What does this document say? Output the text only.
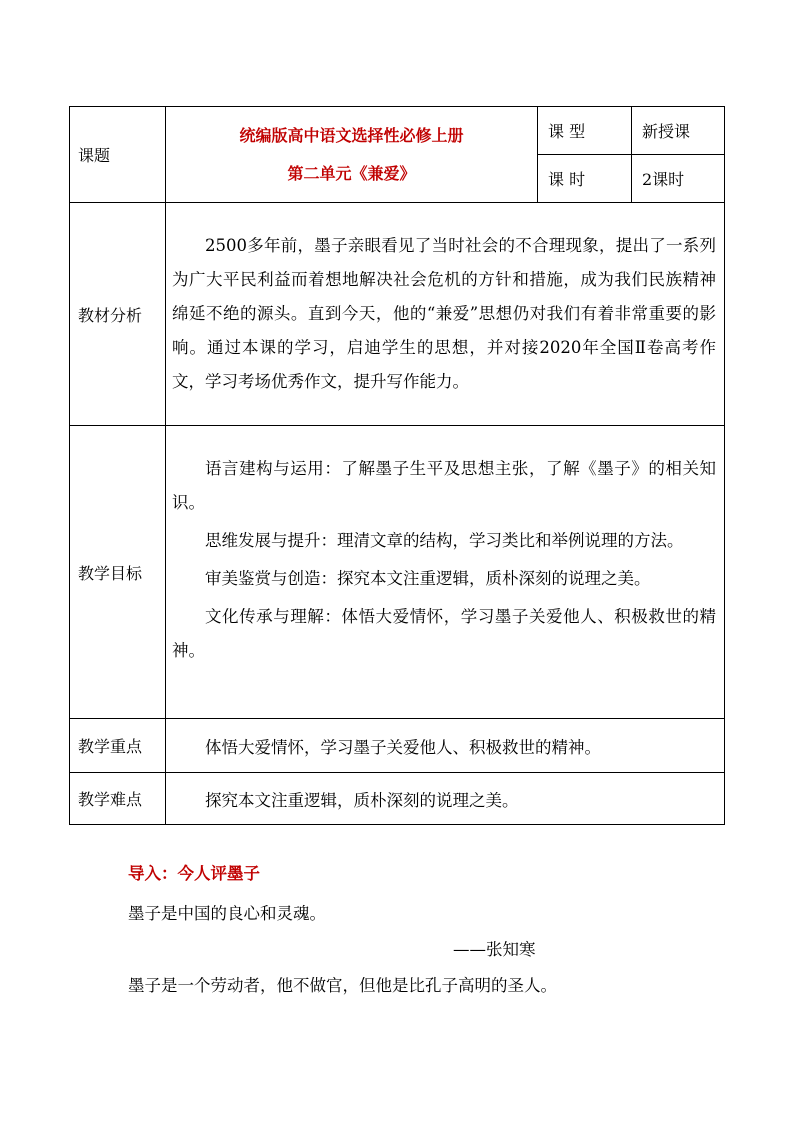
课题	统编版高中语文选择性必修上册
第二单元《兼爱》	课 型	新授课
		课 时	2课时
教材分析	2500多年前，墨子亲眼看见了当时社会的不合理现象，提出了一系列为广大平民利益而着想地解决社会危机的方针和措施，成为我们民族精神绵延不绝的源头。直到今天，他的“兼爱”思想仍对我们有着非常重要的影响。通过本课的学习，启迪学生的思想，并对接2020年全国Ⅱ卷高考作文，学习考场优秀作文，提升写作能力。		

教学目标	语言建构与运用：了解墨子生平及思想主张，了解《墨子》的相关知识。

思维发展与提升：理清文章的结构，学习类比和举例说理的方法。

审美鉴赏与创造：探究本文注重逻辑，质朴深刻的说理之美。

文化传承与理解：体悟大爱情怀，学习墨子关爱他人、积极救世的精神。		

教学重点	体悟大爱情怀，学习墨子关爱他人、积极救世的精神。		

教学难点	探究本文注重逻辑，质朴深刻的说理之美。		
导入：今人评墨子
墨子是中国的良心和灵魂。
——张知寒
墨子是一个劳动者，他不做官，但他是比孔子高明的圣人。
